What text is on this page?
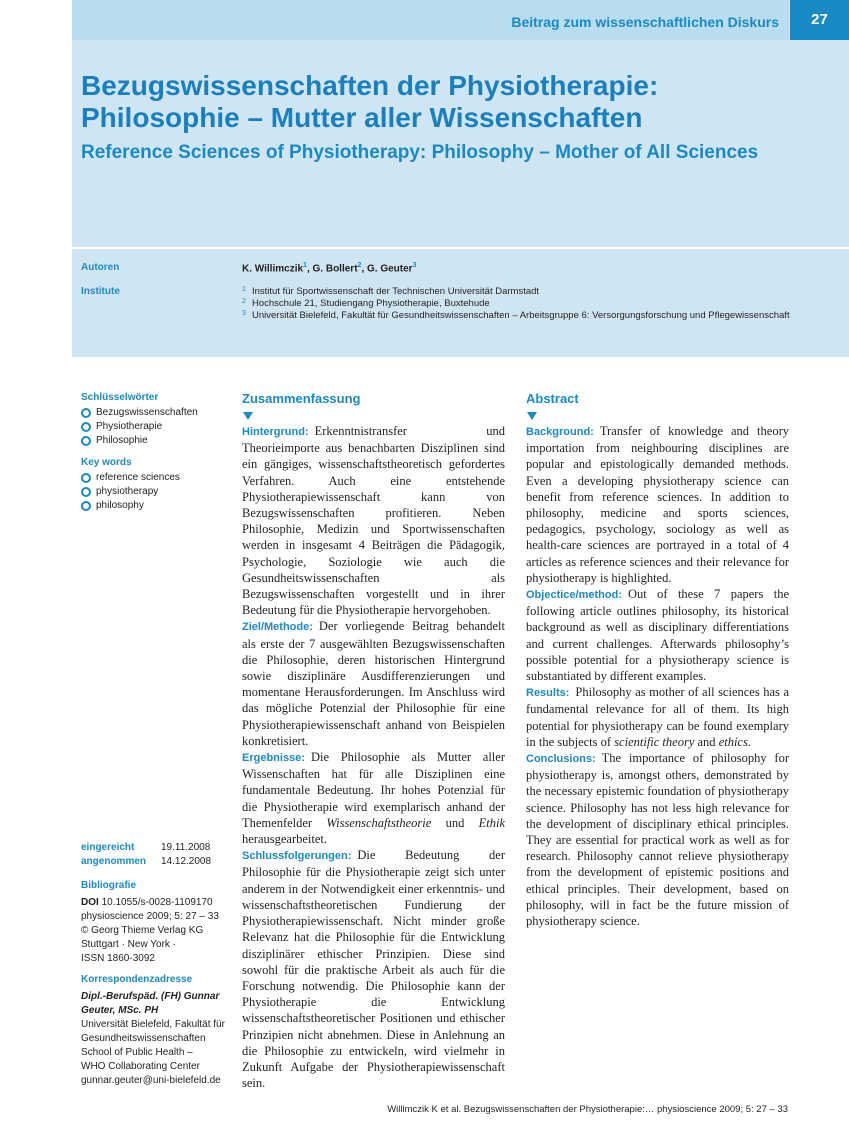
Beitrag zum wissenschaftlichen Diskurs	27
Bezugswissenschaften der Physiotherapie: Philosophie – Mutter aller Wissenschaften
Reference Sciences of Physiotherapy: Philosophy – Mother of All Sciences
Autoren	K. Willimczik$^1$, G. Bollert$^2$, G. Geuter$^3$
Institute	1 Institut für Sportwissenschaft der Technischen Universität Darmstadt
2 Hochschule 21, Studiengang Physiotherapie, Buxtehude
3 Universität Bielefeld, Fakultät für Gesundheitswissenschaften – Arbeitsgruppe 6: Versorgungsforschung und Pflegewissenschaft
Schlüsselwörter
Bezugswissenschaften
Physiotherapie
Philosophie
Key words
reference sciences
physiotherapy
philosophy
eingereicht	19.11.2008
angenommen	14.12.2008
Bibliografie
DOI 10.1055/s-0028-1109170
physioscience 2009; 5: 27 – 33
© Georg Thieme Verlag KG
Stuttgart · New York ·
ISSN 1860-3092
Korrespondenzadresse
Dipl.-Berufspäd. (FH) Gunnar Geuter, MSc. PH
Universität Bielefeld, Fakultät für Gesundheitswissenschaften
School of Public Health –
WHO Collaborating Center
gunnar.geuter@uni-bielefeld.de
Zusammenfassung

Hintergrund: Erkenntnistransfer und Theorieimporte aus benachbarten Disziplinen sind ein gängiges, wissenschaftstheoretisch gefordertes Verfahren. Auch eine entstehende Physiotherapiewissenschaft kann von Bezugswissenschaften profitieren. Neben Philosophie, Medizin und Sportwissenschaften werden in insgesamt 4 Beiträgen die Pädagogik, Psychologie, Soziologie wie auch die Gesundheitswissenschaften als Bezugswissenschaften vorgestellt und in ihrer Bedeutung für die Physiotherapie hervorgehoben.

Ziel/Methode: Der vorliegende Beitrag behandelt als erste der 7 ausgewählten Bezugswissenschaften die Philosophie, deren historischen Hintergrund sowie disziplinäre Ausdifferenzierungen und momentane Herausforderungen. Im Anschluss wird das mögliche Potenzial der Philosophie für eine Physiotherapiewissenschaft anhand von Beispielen konkretisiert.

Ergebnisse: Die Philosophie als Mutter aller Wissenschaften hat für alle Disziplinen eine fundamentale Bedeutung. Ihr hohes Potenzial für die Physiotherapie wird exemplarisch anhand der Themenfelder Wissenschaftstheorie und Ethik herausgearbeitet.

Schlussfolgerungen: Die Bedeutung der Philosophie für die Physiotherapie zeigt sich unter anderem in der Notwendigkeit einer erkenntnis- und wissenschaftstheoretischen Fundierung der Physiotherapiewissenschaft. Nicht minder große Relevanz hat die Philosophie für die Entwicklung disziplinärer ethischer Prinzipien. Diese sind sowohl für die praktische Arbeit als auch für die Forschung notwendig. Die Philosophie kann der Physiotherapie die Entwicklung wissenschaftstheoretischer Positionen und ethischer Prinzipien nicht abnehmen. Diese in Anlehnung an die Philosophie zu entwickeln, wird vielmehr in Zukunft Aufgabe der Physiotherapiewissenschaft sein.

Abstract

Background: Transfer of knowledge and theory importation from neighbouring disciplines are popular and epistologically demanded methods. Even a developing physiotherapy science can benefit from reference sciences. In addition to philosophy, medicine and sports sciences, pedagogics, psychology, sociology as well as health-care sciences are portrayed in a total of 4 articles as reference sciences and their relevance for physiotherapy is highlighted.

Objectice/method: Out of these 7 papers the following article outlines philosophy, its historical background as well as disciplinary differentiations and current challenges. Afterwards philosophy’s possible potential for a physiotherapy science is substantiated by different examples.

Results: Philosophy as mother of all sciences has a fundamental relevance for all of them. Its high potential for physiotherapy can be found exemplary in the subjects of scientific theory and ethics.

Conclusions: The importance of philosophy for physiotherapy is, amongst others, demonstrated by the necessary epistemic foundation of physiotherapy science. Philosophy has not less high relevance for the development of disciplinary ethical principles. They are essential for practical work as well as for research. Philosophy cannot relieve physiotherapy from the development of epistemic positions and ethical principles. Their development, based on philosophy, will in fact be the future mission of physiotherapy science.

Willimczik K et al. Bezugswissenschaften der Physiotherapie:… physioscience 2009; 5: 27 – 33
